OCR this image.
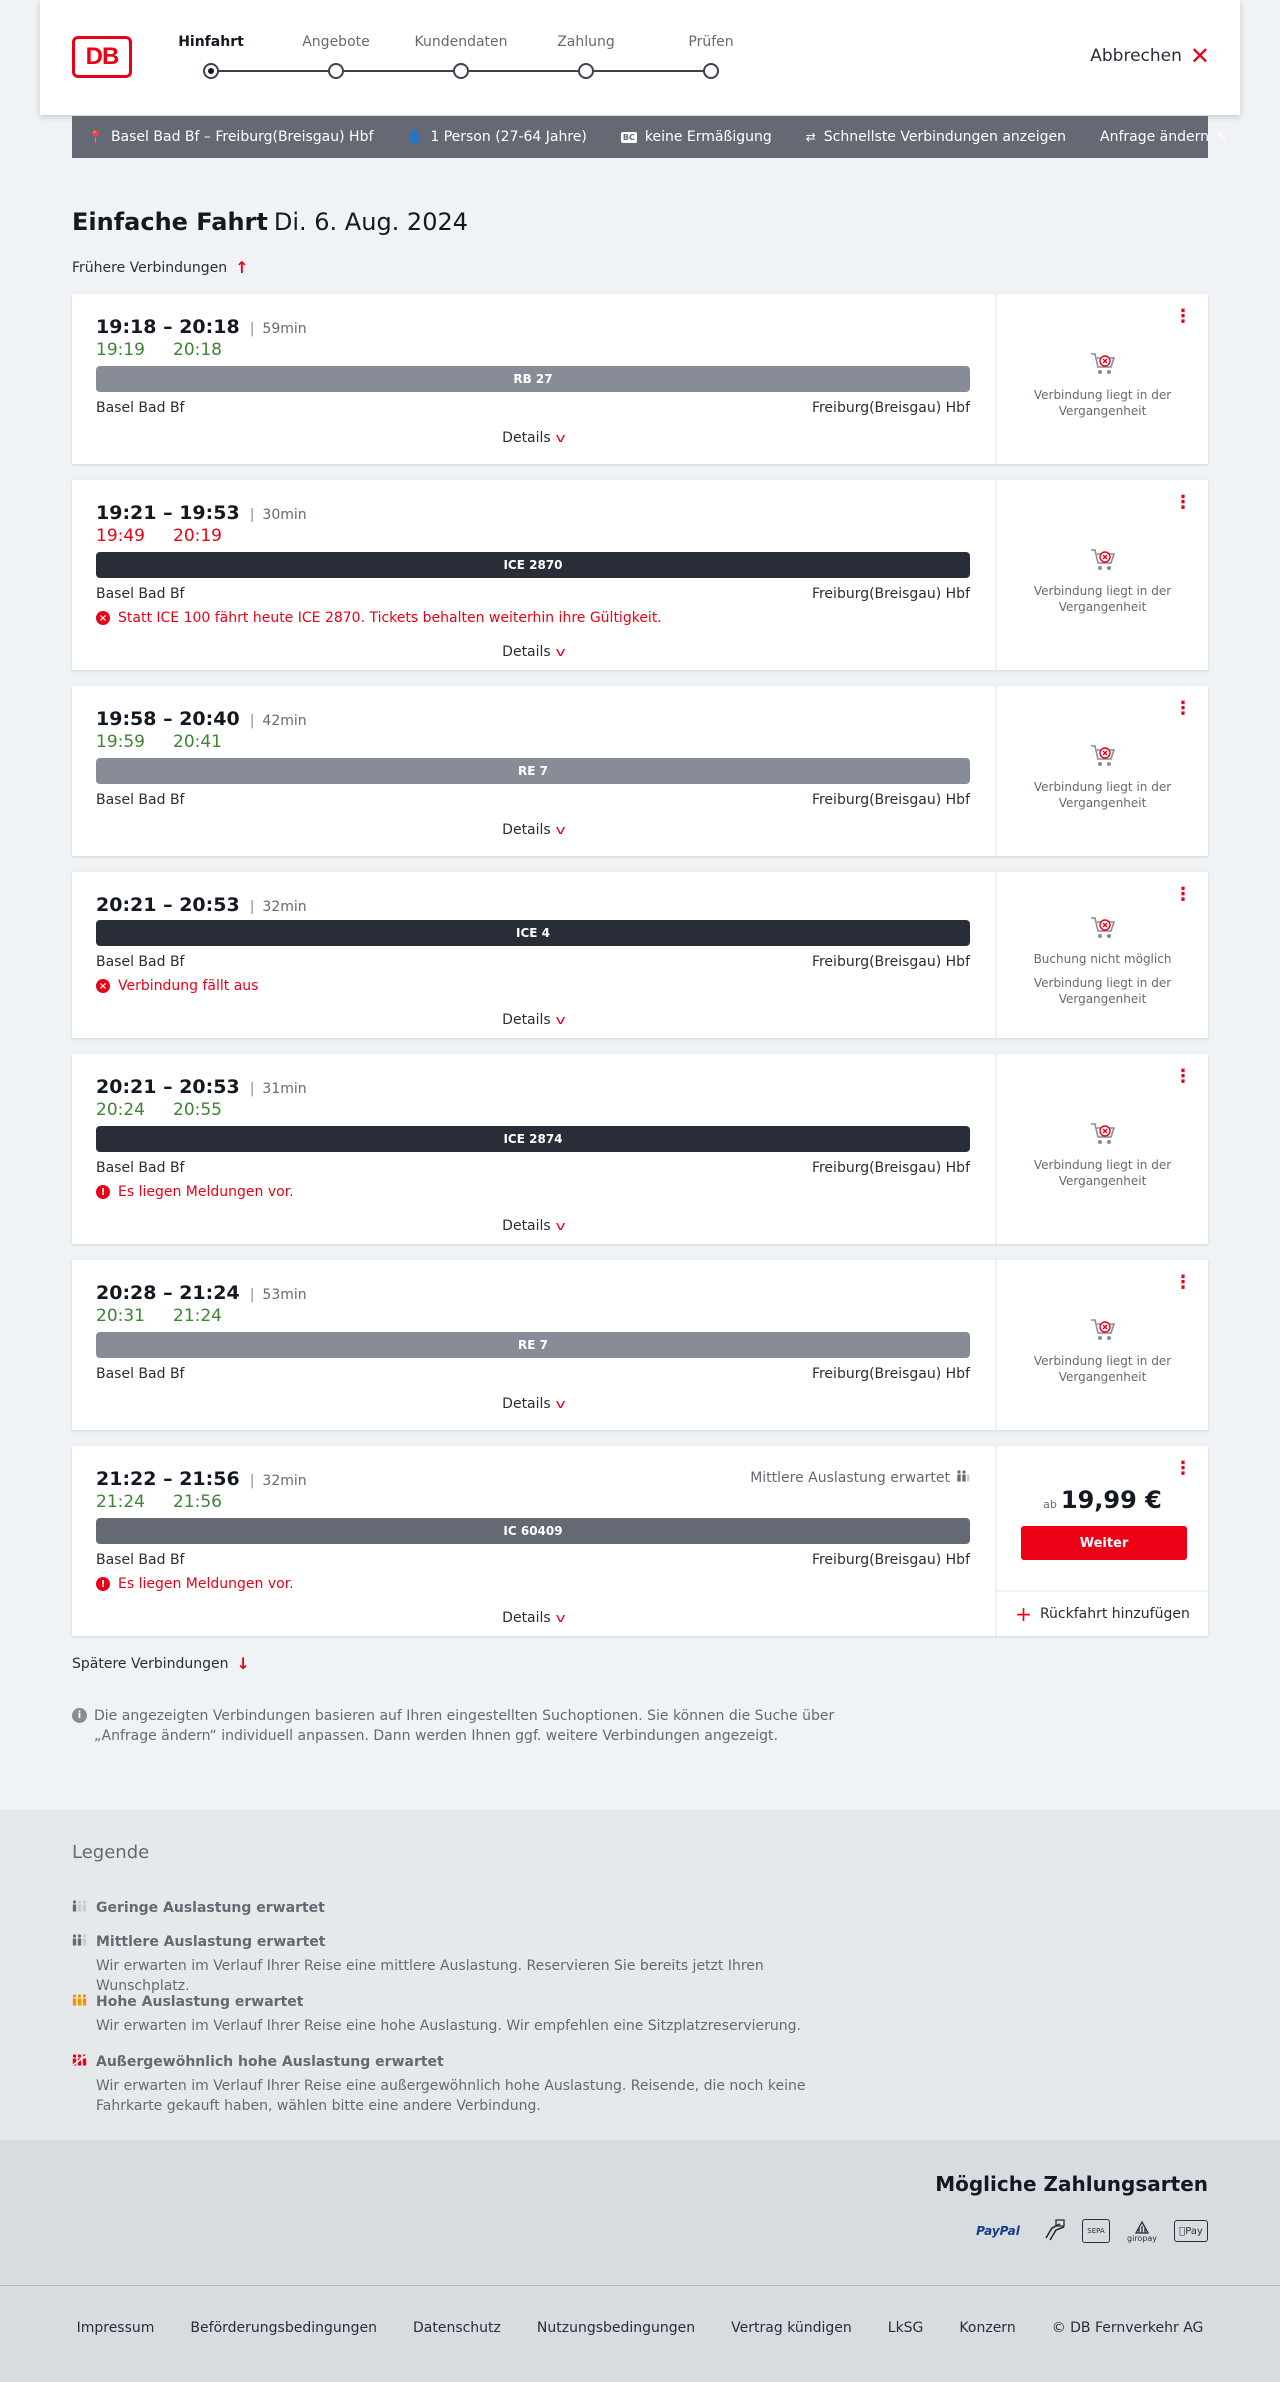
DB
Hinfahrt	Angebote	Kundendaten	Zahlung	Prüfen
Abbrechen ✕
📍 Basel Bad Bf – Freiburg(Breisgau) Hbf	👤 1 Person (27-64 Jahre)	BC keine Ermäßigung	⇄ Schnellste Verbindungen anzeigen Anfrage ändern ✎
Einfache Fahrt Di. 6. Aug. 2024
Frühere Verbindungen ↑
19:18 – 20:18 | 59min
19:19 20:18
RB 27
Basel Bad Bf	Freiburg(Breisgau) Hbf
Details v
⋮
Verbindung liegt in der Vergangenheit
19:21 – 19:53 | 30min
19:49 20:19
ICE 2870
Basel Bad Bf	Freiburg(Breisgau) Hbf
× Statt ICE 100 fährt heute ICE 2870. Tickets behalten weiterhin ihre Gültigkeit.
Details v
⋮
Verbindung liegt in der Vergangenheit
19:58 – 20:40 | 42min
19:59 20:41
RE 7
Basel Bad Bf	Freiburg(Breisgau) Hbf
Details v
⋮
Verbindung liegt in der Vergangenheit
20:21 – 20:53 | 32min
ICE 4
Basel Bad Bf	Freiburg(Breisgau) Hbf
× Verbindung fällt aus
Details v
⋮
Buchung nicht möglich
Verbindung liegt in der Vergangenheit
20:21 – 20:53 | 31min
20:24 20:55
ICE 2874
Basel Bad Bf	Freiburg(Breisgau) Hbf
! Es liegen Meldungen vor.
Details v
⋮
Verbindung liegt in der Vergangenheit
20:28 – 21:24 | 53min
20:31 21:24
RE 7
Basel Bad Bf	Freiburg(Breisgau) Hbf
Details v
⋮
Verbindung liegt in der Vergangenheit
21:22 – 21:56 | 32min
21:24 21:56
IC 60409
Basel Bad Bf	Freiburg(Breisgau) Hbf
! Es liegen Meldungen vor.
Details v
Mittlere Auslastung erwartet	⋮
ab 19,99 €
Weiter
+ Rückfahrt hinzufügen
Spätere Verbindungen ↓
i Die angezeigten Verbindungen basieren auf Ihren eingestellten Suchoptionen. Sie können die Suche über „Anfrage ändern“ individuell anpassen. Dann werden Ihnen ggf. weitere Verbindungen angezeigt.
Legende
Geringe Auslastung erwartet
Mittlere Auslastung erwartet
Wir erwarten im Verlauf Ihrer Reise eine mittlere Auslastung. Reservieren Sie bereits jetzt Ihren Wunschplatz.
Hohe Auslastung erwartet
Wir erwarten im Verlauf Ihrer Reise eine hohe Auslastung. Wir empfehlen eine Sitzplatzreservierung.
Außergewöhnlich hohe Auslastung erwartet
Wir erwarten im Verlauf Ihrer Reise eine außergewöhnlich hohe Auslastung. Reisende, die noch keine Fahrkarte gekauft haben, wählen bitte eine andere Verbindung.
Mögliche Zahlungsarten
PayPal	SEPA
giropay
Pay
Impressum	Beförderungsbedingungen	Datenschutz	Nutzungsbedingungen	Vertrag kündigen	LkSG	Konzern	© DB Fernverkehr AG
